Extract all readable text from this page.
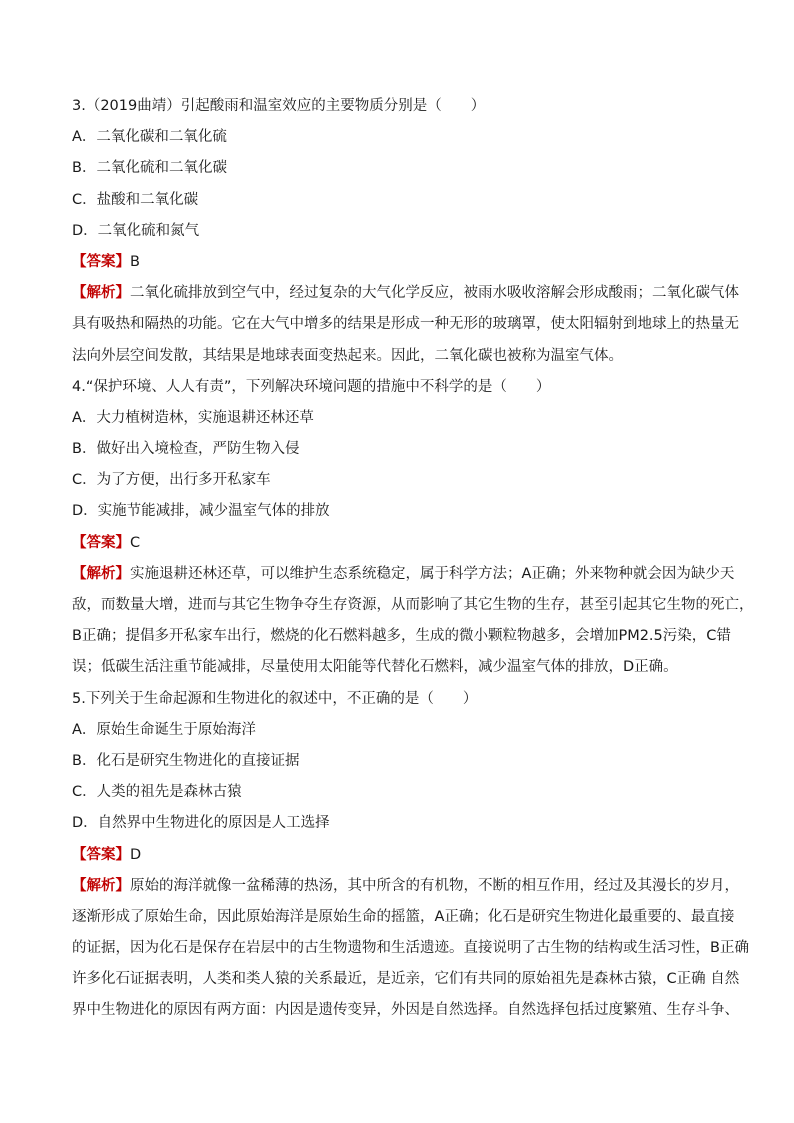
3.（2019曲靖）引起酸雨和温室效应的主要物质分别是（　　）
A．二氧化碳和二氧化硫
B．二氧化硫和二氧化碳
C．盐酸和二氧化碳
D．二氧化硫和氮气
【答案】B
【解析】二氧化硫排放到空气中，经过复杂的大气化学反应，被雨水吸收溶解会形成酸雨；二氧化碳气体
具有吸热和隔热的功能。它在大气中增多的结果是形成一种无形的玻璃罩，使太阳辐射到地球上的热量无
法向外层空间发散，其结果是地球表面变热起来。因此，二氧化碳也被称为温室气体。
4.“保护环境、人人有责”，下列解决环境问题的措施中不科学的是（　　）
A．大力植树造林，实施退耕还林还草
B．做好出入境检查，严防生物入侵
C．为了方便，出行多开私家车
D．实施节能减排，减少温室气体的排放
【答案】C
【解析】实施退耕还林还草，可以维护生态系统稳定，属于科学方法；A正确；外来物种就会因为缺少天
敌，而数量大增，进而与其它生物争夺生存资源，从而影响了其它生物的生存，甚至引起其它生物的死亡，
B正确；提倡多开私家车出行，燃烧的化石燃料越多，生成的微小颗粒物越多，会增加PM2.5污染，C错
误；低碳生活注重节能减排，尽量使用太阳能等代替化石燃料，减少温室气体的排放，D正确。
5.下列关于生命起源和生物进化的叙述中，不正确的是（　　）
A．原始生命诞生于原始海洋
B．化石是研究生物进化的直接证据
C．人类的祖先是森林古猿
D．自然界中生物进化的原因是人工选择
【答案】D
【解析】原始的海洋就像一盆稀薄的热汤，其中所含的有机物，不断的相互作用，经过及其漫长的岁月，
逐渐形成了原始生命，因此原始海洋是原始生命的摇篮，A正确；化石是研究生物进化最重要的、最直接
的证据，因为化石是保存在岩层中的古生物遗物和生活遗迹。直接说明了古生物的结构或生活习性，B正确
许多化石证据表明，人类和类人猿的关系最近，是近亲，它们有共同的原始祖先是森林古猿，C正确 自然
界中生物进化的原因有两方面：内因是遗传变异，外因是自然选择。自然选择包括过度繁殖、生存斗争、
